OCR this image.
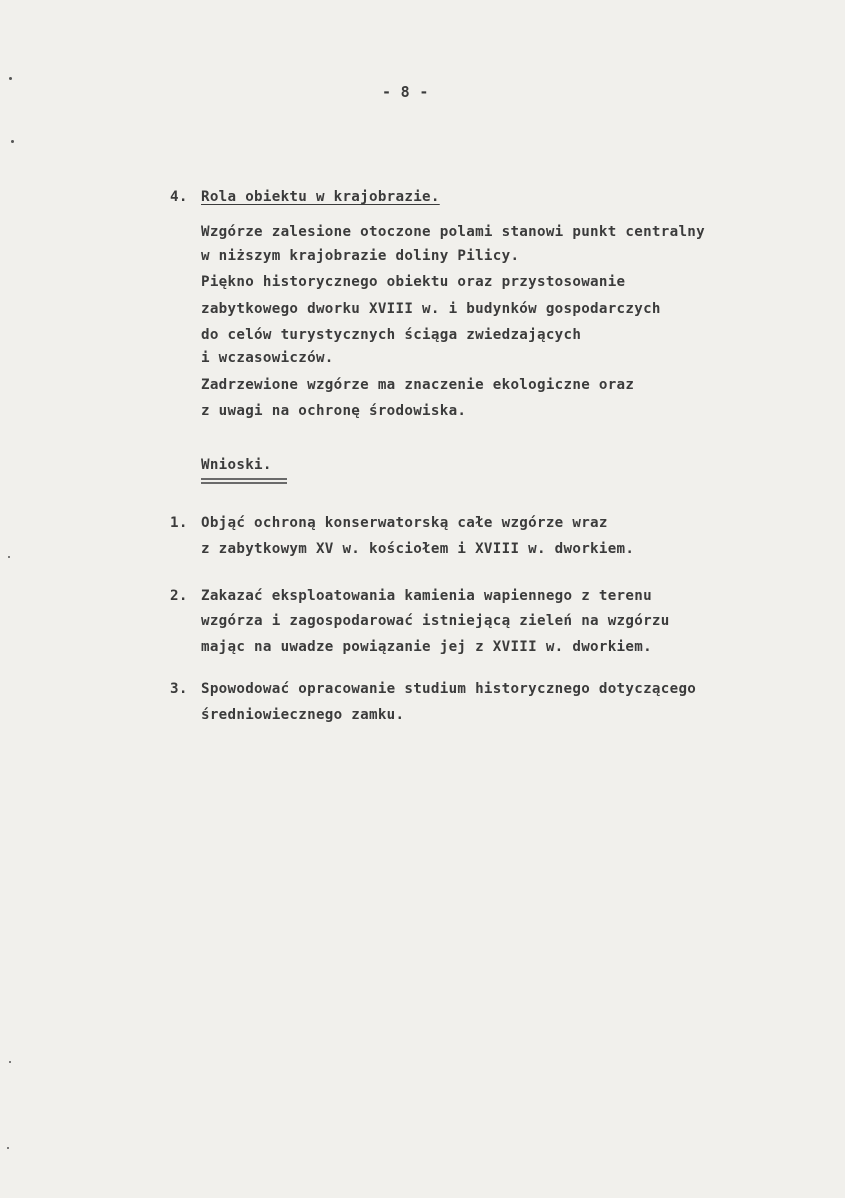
- 8 -
4. Rola obiektu w krajobrazie.
Wzgórze zalesione otoczone polami stanowi punkt centralny
w niższym krajobrazie doliny Pilicy.
Piękno historycznego obiektu oraz przystosowanie
zabytkowego dworku XVIII w. i budynków gospodarczych
do celów turystycznych ściąga zwiedzających
i wczasowiczów.
Zadrzewione wzgórze ma znaczenie ekologiczne oraz
z uwagi na ochronę środowiska.
Wnioski.
1. Objąć ochroną konserwatorską całe wzgórze wraz
z zabytkowym XV w. kościołem i XVIII w. dworkiem.
2. Zakazać eksploatowania kamienia wapiennego z terenu
wzgórza i zagospodarować istniejącą zieleń na wzgórzu
mając na uwadze powiązanie jej z XVIII w. dworkiem.
3. Spowodować opracowanie studium historycznego dotyczącego
średniowiecznego zamku.
